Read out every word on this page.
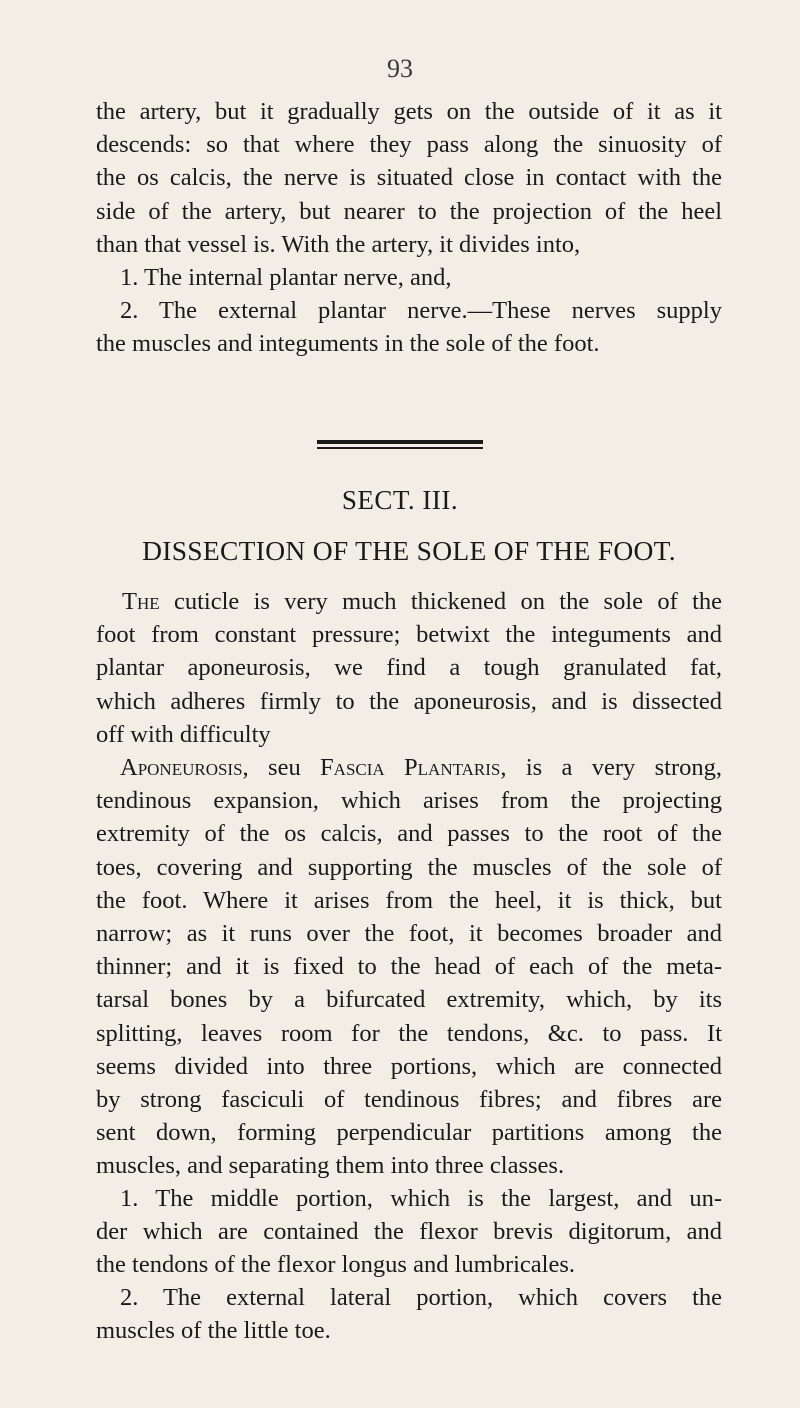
93
the artery, but it gradually gets on the outside of it as it
descends: so that where they pass along the sinuosity of
the os calcis, the nerve is situated close in contact with the
side of the artery, but nearer to the projection of the heel
than that vessel is. With the artery, it divides into,
1. The internal plantar nerve, and,
2. The external plantar nerve.—These nerves supply
the muscles and integuments in the sole of the foot.
SECT. III.
DISSECTION OF THE SOLE OF THE FOOT.
The cuticle is very much thickened on the sole of the
foot from constant pressure; betwixt the integuments and
plantar aponeurosis, we find a tough granulated fat,
which adheres firmly to the aponeurosis, and is dissected
off with difficulty
Aponeurosis, seu Fascia Plantaris, is a very strong,
tendinous expansion, which arises from the projecting
extremity of the os calcis, and passes to the root of the
toes, covering and supporting the muscles of the sole of
the foot. Where it arises from the heel, it is thick, but
narrow; as it runs over the foot, it becomes broader and
thinner; and it is fixed to the head of each of the meta-
tarsal bones by a bifurcated extremity, which, by its
splitting, leaves room for the tendons, &c. to pass. It
seems divided into three portions, which are connected
by strong fasciculi of tendinous fibres; and fibres are
sent down, forming perpendicular partitions among the
muscles, and separating them into three classes.
1. The middle portion, which is the largest, and un-
der which are contained the flexor brevis digitorum, and
the tendons of the flexor longus and lumbricales.
2. The external lateral portion, which covers the
muscles of the little toe.
